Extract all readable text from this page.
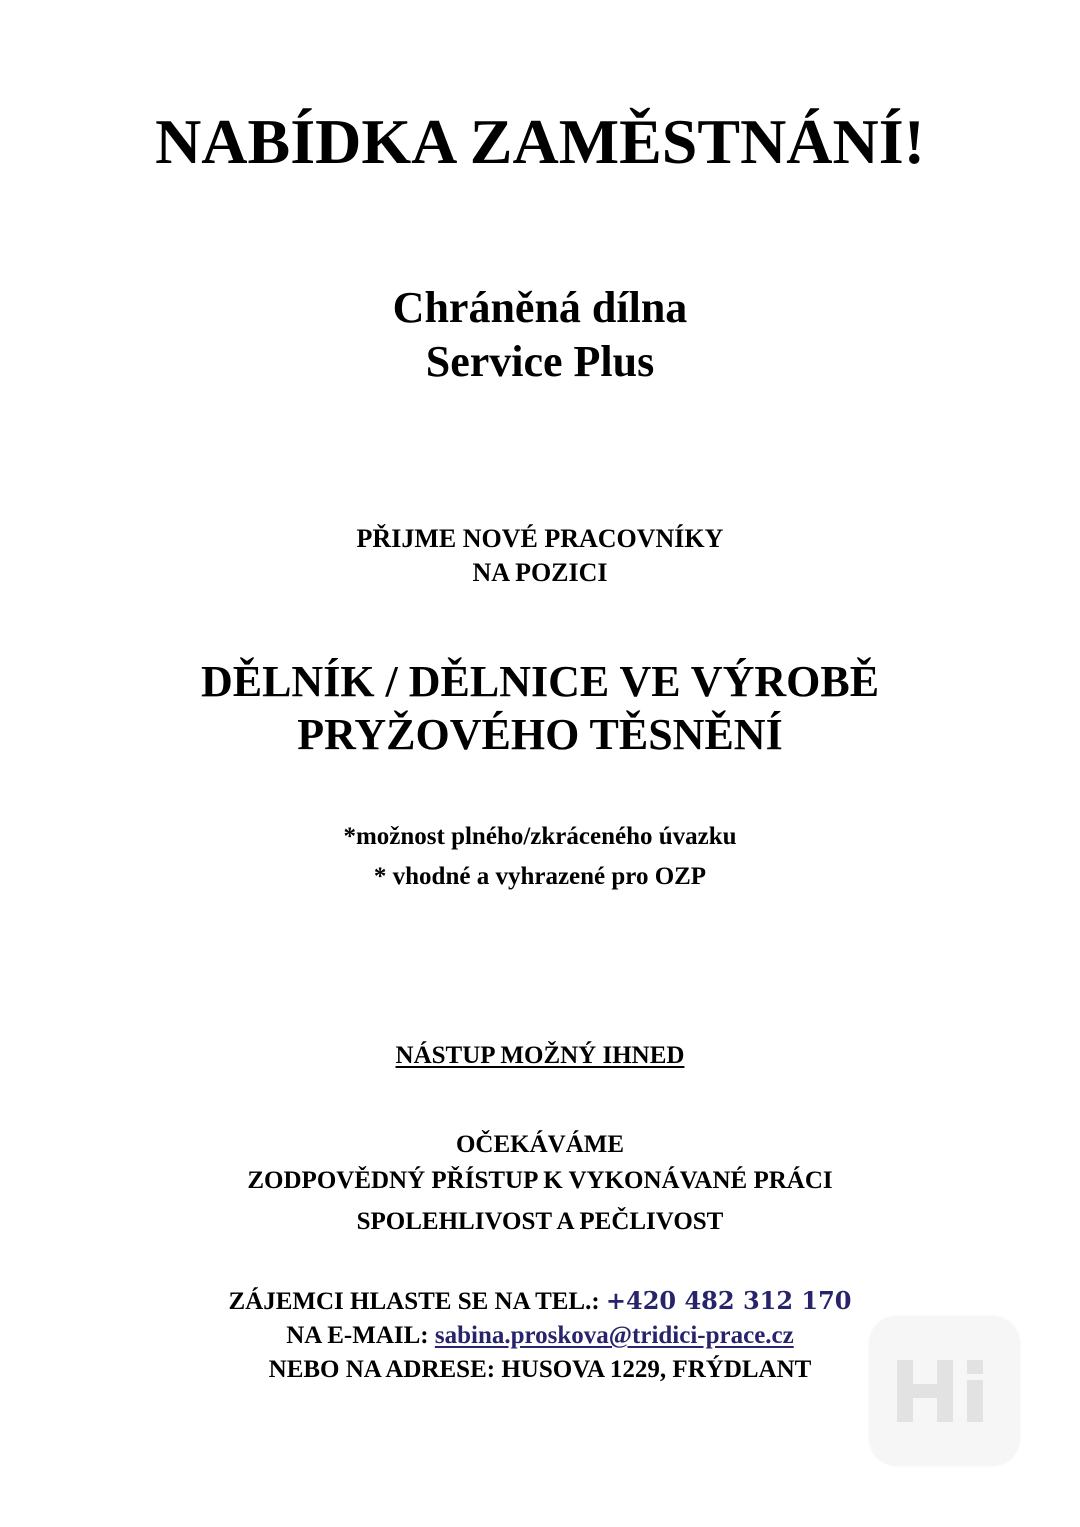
NABÍDKA ZAMĚSTNÁNÍ!
Chráněná dílna
Service Plus
PŘIJME NOVÉ PRACOVNÍKY
NA POZICI
DĚLNÍK / DĚLNICE VE VÝROBĚ
PRYŽOVÉHO TĚSNĚNÍ
*možnost plného/zkráceného úvazku
* vhodné a vyhrazené pro OZP
NÁSTUP MOŽNÝ IHNED
OČEKÁVÁME
ZODPOVĚDNÝ PŘÍSTUP K VYKONÁVANÉ PRÁCI
SPOLEHLIVOST A PEČLIVOST
ZÁJEMCI HLASTE SE NA TEL.: +420 482 312 170
NA E-MAIL: sabina.proskova@tridici-prace.cz
NEBO NA ADRESE: HUSOVA 1229, FRÝDLANT
